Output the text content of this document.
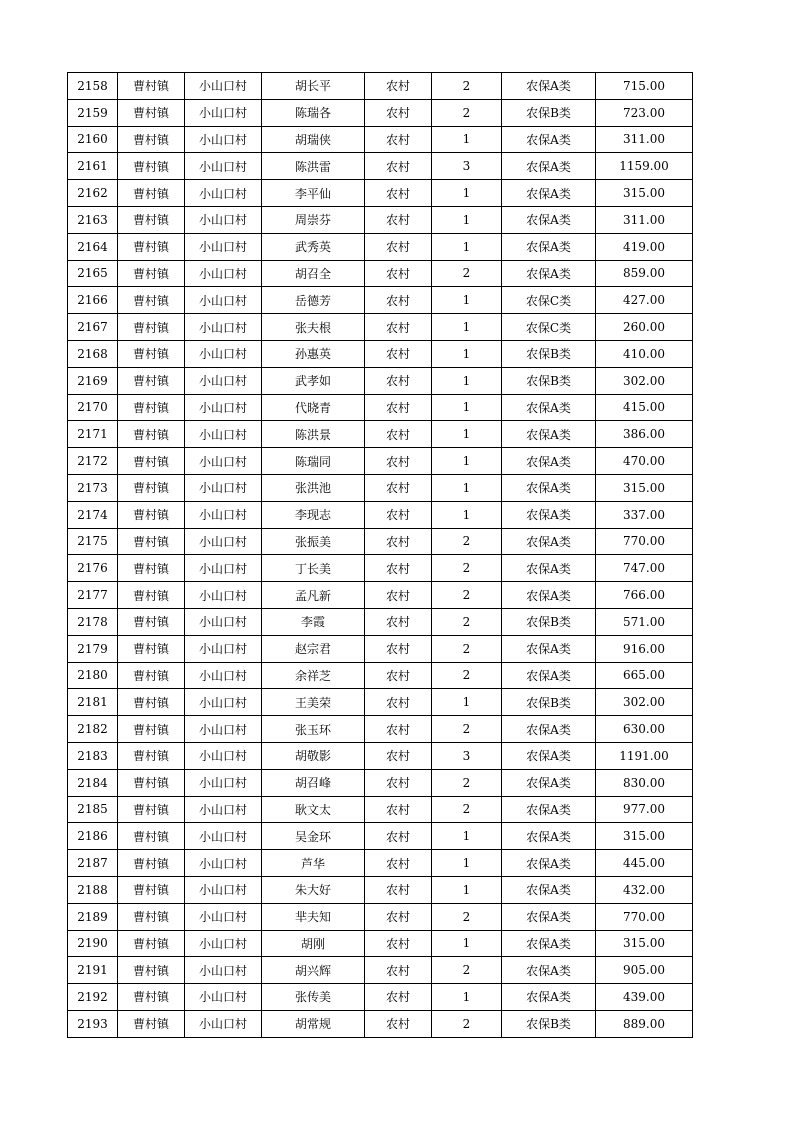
2158	曹村镇	小山口村	胡长平	农村	2	农保A类	715.00
2159	曹村镇	小山口村	陈瑞各	农村	2	农保B类	723.00
2160	曹村镇	小山口村	胡瑞侠	农村	1	农保A类	311.00
2161	曹村镇	小山口村	陈洪雷	农村	3	农保A类	1159.00
2162	曹村镇	小山口村	李平仙	农村	1	农保A类	315.00
2163	曹村镇	小山口村	周崇芬	农村	1	农保A类	311.00
2164	曹村镇	小山口村	武秀英	农村	1	农保A类	419.00
2165	曹村镇	小山口村	胡召全	农村	2	农保A类	859.00
2166	曹村镇	小山口村	岳德芳	农村	1	农保C类	427.00
2167	曹村镇	小山口村	张夫根	农村	1	农保C类	260.00
2168	曹村镇	小山口村	孙惠英	农村	1	农保B类	410.00
2169	曹村镇	小山口村	武孝如	农村	1	农保B类	302.00
2170	曹村镇	小山口村	代晓青	农村	1	农保A类	415.00
2171	曹村镇	小山口村	陈洪景	农村	1	农保A类	386.00
2172	曹村镇	小山口村	陈瑞同	农村	1	农保A类	470.00
2173	曹村镇	小山口村	张洪池	农村	1	农保A类	315.00
2174	曹村镇	小山口村	李现志	农村	1	农保A类	337.00
2175	曹村镇	小山口村	张振美	农村	2	农保A类	770.00
2176	曹村镇	小山口村	丁长美	农村	2	农保A类	747.00
2177	曹村镇	小山口村	孟凡新	农村	2	农保A类	766.00
2178	曹村镇	小山口村	李霞	农村	2	农保B类	571.00
2179	曹村镇	小山口村	赵宗君	农村	2	农保A类	916.00
2180	曹村镇	小山口村	余祥芝	农村	2	农保A类	665.00
2181	曹村镇	小山口村	王美荣	农村	1	农保B类	302.00
2182	曹村镇	小山口村	张玉环	农村	2	农保A类	630.00
2183	曹村镇	小山口村	胡敬影	农村	3	农保A类	1191.00
2184	曹村镇	小山口村	胡召峰	农村	2	农保A类	830.00
2185	曹村镇	小山口村	耿文太	农村	2	农保A类	977.00
2186	曹村镇	小山口村	吴金环	农村	1	农保A类	315.00
2187	曹村镇	小山口村	芦华	农村	1	农保A类	445.00
2188	曹村镇	小山口村	朱大好	农村	1	农保A类	432.00
2189	曹村镇	小山口村	芈夫知	农村	2	农保A类	770.00
2190	曹村镇	小山口村	胡刚	农村	1	农保A类	315.00
2191	曹村镇	小山口村	胡兴辉	农村	2	农保A类	905.00
2192	曹村镇	小山口村	张传美	农村	1	农保A类	439.00
2193	曹村镇	小山口村	胡常规	农村	2	农保B类	889.00
